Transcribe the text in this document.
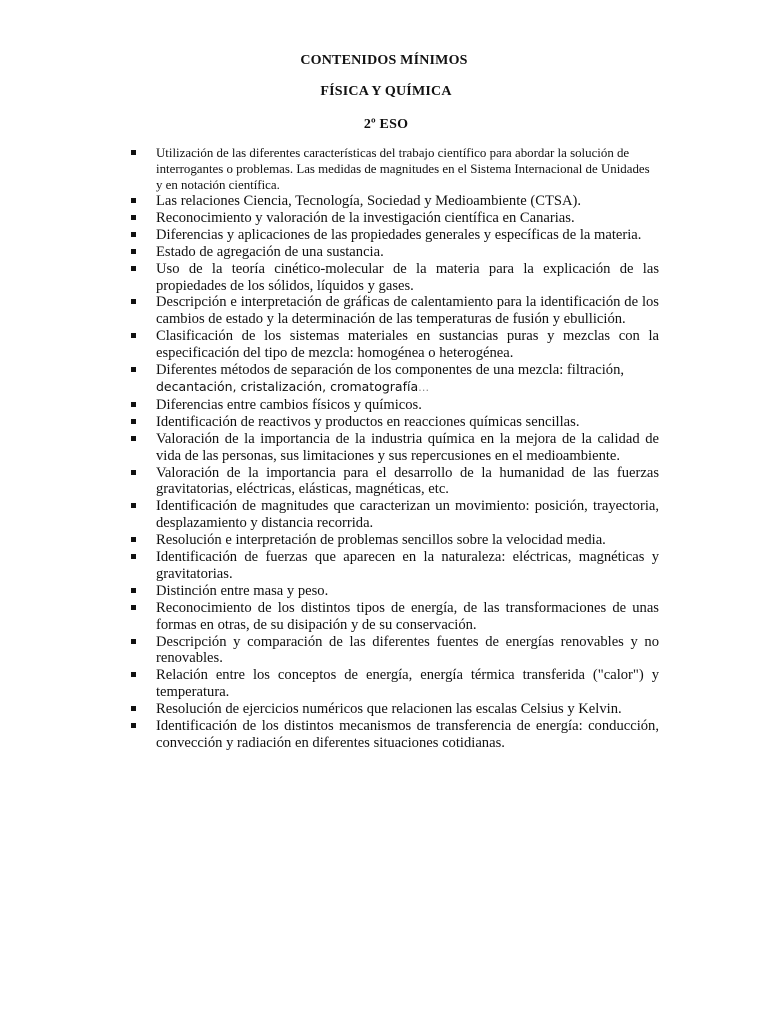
CONTENIDOS MÍNIMOS
FÍSICA Y QUÍMICA
2º ESO
Utilización de las diferentes características del trabajo científico para abordar la solución de interrogantes o problemas. Las medidas de magnitudes en el Sistema Internacional de Unidades y en notación científica.
Las relaciones Ciencia, Tecnología, Sociedad y Medioambiente (CTSA).
Reconocimiento y valoración de la investigación científica en Canarias.
Diferencias y aplicaciones de las propiedades generales y específicas de la materia.
Estado de agregación de una sustancia.
Uso de la teoría cinético-molecular de la materia para la explicación de las propiedades de los sólidos, líquidos y gases.
Descripción e interpretación de gráficas de calentamiento para la identificación de los cambios de estado y la determinación de las temperaturas de fusión y ebullición.
Clasificación de los sistemas materiales en sustancias puras y mezclas con la especificación del tipo de mezcla: homogénea o heterogénea.
Diferentes métodos de separación de los componentes de una mezcla: filtración,
decantación, cristalización, cromatografía…
Diferencias entre cambios físicos y químicos.
Identificación de reactivos y productos en reacciones químicas sencillas.
Valoración de la importancia de la industria química en la mejora de la calidad de vida de las personas, sus limitaciones y sus repercusiones en el medioambiente.
Valoración de la importancia para el desarrollo de la humanidad de las fuerzas gravitatorias, eléctricas, elásticas, magnéticas, etc.
Identificación de magnitudes que caracterizan un movimiento: posición, trayectoria, desplazamiento y distancia recorrida.
Resolución e interpretación de problemas sencillos sobre la velocidad media.
Identificación de fuerzas que aparecen en la naturaleza: eléctricas, magnéticas y gravitatorias.
Distinción entre masa y peso.
Reconocimiento de los distintos tipos de energía, de las transformaciones de unas formas en otras, de su disipación y de su conservación.
Descripción y comparación de las diferentes fuentes de energías renovables y no renovables.
Relación entre los conceptos de energía, energía térmica transferida ("calor") y temperatura.
Resolución de ejercicios numéricos que relacionen las escalas Celsius y Kelvin.
Identificación de los distintos mecanismos de transferencia de energía: conducción, convección y radiación en diferentes situaciones cotidianas.
